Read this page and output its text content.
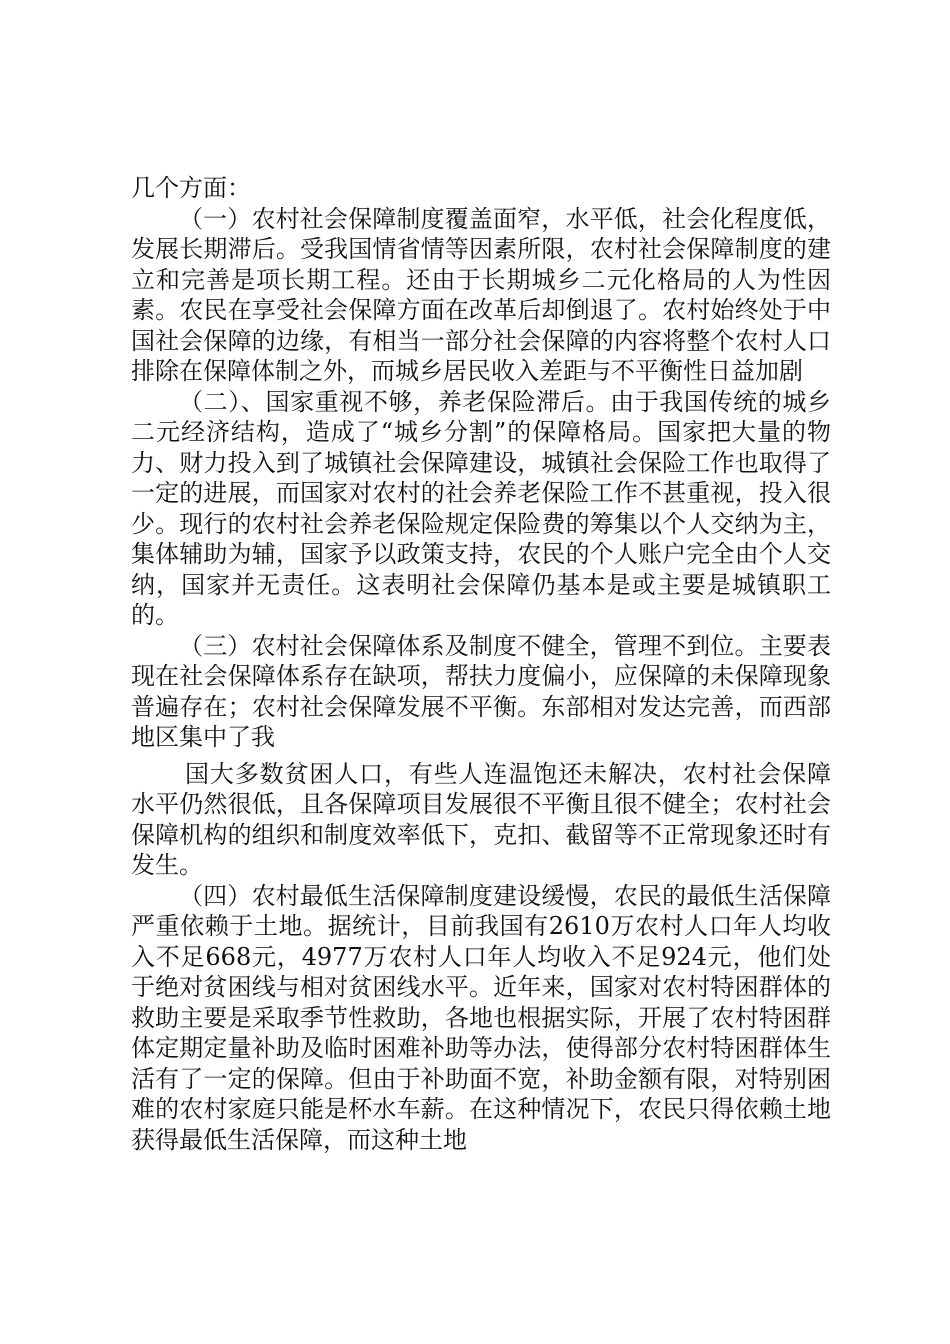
几个方面：

（一）农村社会保障制度覆盖面窄，水平低，社会化程度低，发展长期滞后。受我国情省情等因素所限，农村社会保障制度的建立和完善是项长期工程。还由于长期城乡二元化格局的人为性因素。农民在享受社会保障方面在改革后却倒退了。农村始终处于中国社会保障的边缘，有相当一部分社会保障的内容将整个农村人口排除在保障体制之外，而城乡居民收入差距与不平衡性日益加剧

（二）、国家重视不够，养老保险滞后。由于我国传统的城乡二元经济结构，造成了“城乡分割”的保障格局。国家把大量的物力、财力投入到了城镇社会保障建设，城镇社会保险工作也取得了一定的进展，而国家对农村的社会养老保险工作不甚重视，投入很少。现行的农村社会养老保险规定保险费的筹集以个人交纳为主，集体辅助为辅，国家予以政策支持，农民的个人账户完全由个人交纳，国家并无责任。这表明社会保障仍基本是或主要是城镇职工的。

（三）农村社会保障体系及制度不健全，管理不到位。主要表现在社会保障体系存在缺项，帮扶力度偏小，应保障的未保障现象普遍存在；农村社会保障发展不平衡。东部相对发达完善，而西部地区集中了我

国大多数贫困人口，有些人连温饱还未解决，农村社会保障水平仍然很低，且各保障项目发展很不平衡且很不健全；农村社会保障机构的组织和制度效率低下，克扣、截留等不正常现象还时有发生。

（四）农村最低生活保障制度建设缓慢，农民的最低生活保障严重依赖于土地。据统计，目前我国有2610万农村人口年人均收入不足668元，4977万农村人口年人均收入不足924元，他们处于绝对贫困线与相对贫困线水平。近年来，国家对农村特困群体的救助主要是采取季节性救助，各地也根据实际，开展了农村特困群体定期定量补助及临时困难补助等办法，使得部分农村特困群体生活有了一定的保障。但由于补助面不宽，补助金额有限，对特别困难的农村家庭只能是杯水车薪。在这种情况下，农民只得依赖土地获得最低生活保障，而这种土地
